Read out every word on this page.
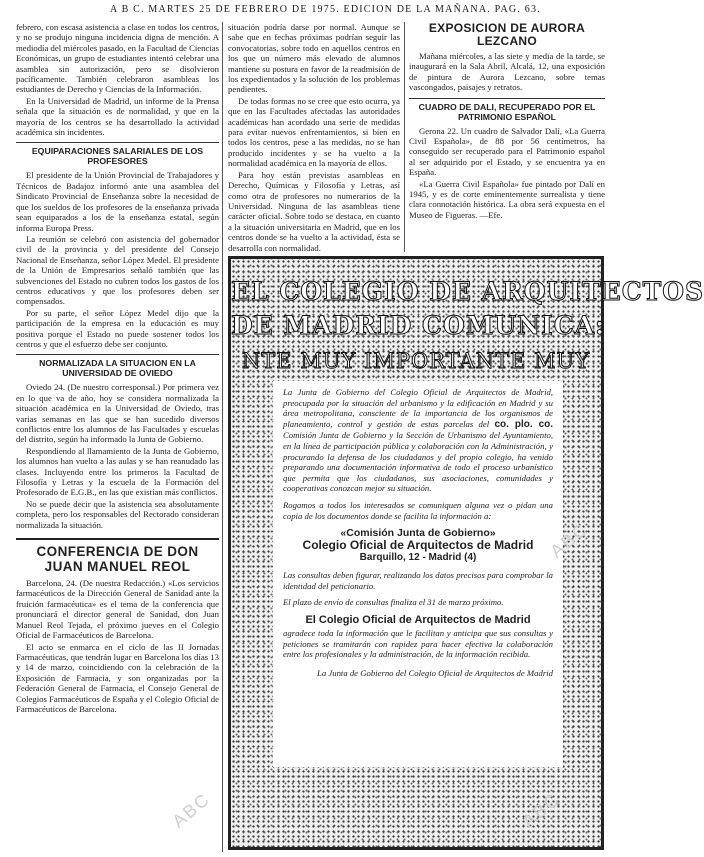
A B C. MARTES 25 DE FEBRERO DE 1975. EDICION DE LA MAÑANA. PAG. 63.

febrero, con escasa asistencia a clase en todos los centros, y no se produjo ninguna incidencia digna de mención. A mediodía del miércoles pasado, en la Facultad de Ciencias Económicas, un grupo de estudiantes intentó celebrar una asamblea sin autorización, pero se disolvieron pacíficamente. También celebraron asambleas los estudiantes de Derecho y Ciencias de la Información.

En la Universidad de Madrid, un informe de la Prensa señala que la situación es de normalidad, y que en la mayoría de los centros se ha desarrollado la actividad académica sin incidentes.

EQUIPARACIONES SALARIALES DE LOS PROFESORES

El presidente de la Unión Provincial de Trabajadores y Técnicos de Badajoz informó ante una asamblea del Sindicato Provincial de Enseñanza sobre la necesidad de que los sueldos de los profesores de la enseñanza privada sean equiparados a los de la enseñanza estatal, según informa Europa Press.

La reunión se celebró con asistencia del gobernador civil de la provincia y del presidente del Consejo Nacional de Enseñanza, señor López Medel. El presidente de la Unión de Empresarios señaló también que las subvenciones del Estado no cubren todos los gastos de los centros educativos y que los profesores deben ser compensados.

Por su parte, el señor López Medel dijo que la participación de la empresa en la educación es muy positiva porque el Estado no puede sostener todos los centros y que el esfuerzo debe ser conjunto.

NORMALIZADA LA SITUACION EN LA UNIVERSIDAD DE OVIEDO

Oviedo 24. (De nuestro corresponsal.) Por primera vez en lo que va de año, hoy se considera normalizada la situación académica en la Universidad de Oviedo, tras varias semanas en las que se han sucedido diversos conflictos entre los alumnos de las Facultades y escuelas del distrito, según ha informado la Junta de Gobierno.

Respondiendo al llamamiento de la Junta de Gobierno, los alumnos han vuelto a las aulas y se han reanudado las clases. Incluyendo entre los primeros la Facultad de Filosofía y Letras y la escuela de la Formación del Profesorado de E.G.B., en las que existían más conflictos.

No se puede decir que la asistencia sea absolutamente completa, pero los responsables del Rectorado consideran normalizada la situación.

CONFERENCIA DE DON JUAN MANUEL REOL

Barcelona, 24. (De nuestra Redacción.) «Los servicios farmacéuticos de la Dirección General de Sanidad ante la fruición farmacéutica» es el tema de la conferencia que pronunciará el director general de Sanidad, don Juan Manuel Reol Tejada, el próximo jueves en el Colegio Oficial de Farmacéuticos de Barcelona.

El acto se enmarca en el ciclo de las II Jornadas Farmacéuticas, que tendrán lugar en Barcelona los días 13 y 14 de marzo, coincidiendo con la celebración de la Exposición de Farmacia, y son organizadas por la Federación General de Farmacia, el Consejo General de Colegios Farmacéuticos de España y el Colegio Oficial de Farmacéuticos de Barcelona.

situación podría darse por normal. Aunque se sabe que en fechas próximas podrían seguir las convocatorias, sobre todo en aquellos centros en los que un número más elevado de alumnos mantiene su postura en favor de la readmisión de los expedientados y la solución de los problemas pendientes.

De todas formas no se cree que esto ocurra, ya que en las Facultades afectadas las autoridades académicas han acordado una serie de medidas para evitar nuevos enfrentamientos, si bien en todos los centros, pese a las medidas, no se han producido incidentes y se ha vuelto a la normalidad académica en la mayoría de ellos.

Para hoy están previstas asambleas en Derecho, Químicas y Filosofía y Letras, así como otra de profesores no numerarios de la Universidad. Ninguna de las asambleas tiene carácter oficial. Sobre todo se destaca, en cuanto a la situación universitaria en Madrid, que en los centros donde se ha vuelto a la actividad, ésta se desarrolla con normalidad.

EXPOSICION DE AURORA LEZCANO

Mañana miércoles, a las siete y media de la tarde, se inaugurará en la Sala Abril, Alcalá, 12, una exposición de pintura de Aurora Lezcano, sobre temas vascongados, paisajes y retratos.

CUADRO DE DALI, RECUPERADO POR EL PATRIMONIO ESPAÑOL

Gerona 22. Un cuadro de Salvador Dalí, «La Guerra Civil Española», de 88 por 56 centímetros, ha conseguido ser recuperado para el Patrimonio español al ser adquirido por el Estado, y se encuentra ya en España.

«La Guerra Civil Española» fue pintado por Dalí en 1945, y es de corte eminentemente surrealista y tiene clara connotación histórica. La obra será expuesta en el Museo de Figueras. —Efe.

EL COLEGIO DE ARQUITECTOS
DE MADRID COMUNICA:
NTE MUY IMPORTANTE MUY

La Junta de Gobierno del Colegio Oficial de Arquitectos de Madrid, preocupada por la situación del urbanismo y la edificación en Madrid y su área metropolitana, consciente de la importancia de los organismos de planeamiento, control y gestión de estas parcelas del co. plo. co. Comisión Junta de Gobierno y la Sección de Urbanismo del Ayuntamiento, en la línea de participación pública y colaboración con la Administración, y procurando la defensa de los ciudadanos y del propio colegio, ha venido preparando una documentación informativa de todo el proceso urbanístico que permita que los ciudadanos, sus asociaciones, comunidades y cooperativas conozcan mejor su situación.

Rogamos a todos los interesados se comuniquen alguna vez o pidan una copia de los documentos donde se facilita la información a:

«Comisión Junta de Gobierno»

Colegio Oficial de Arquitectos de Madrid

Barquillo, 12 - Madrid (4)

Las consultas deben figurar, realizando los datos precisos para comprobar la identidad del peticionario.

El plazo de envío de consultas finaliza el 31 de marzo próximo.

El Colegio Oficial de Arquitectos de Madrid

agradece toda la información que le facilitan y anticipa que sus consultas y peticiones se tramitarán con rapidez para hacer efectiva la colaboración entre los profesionales y la administración, de la información recibida.

La Junta de Gobierno del Colegio Oficial de Arquitectos de Madrid

ABC	ABC
ABC
